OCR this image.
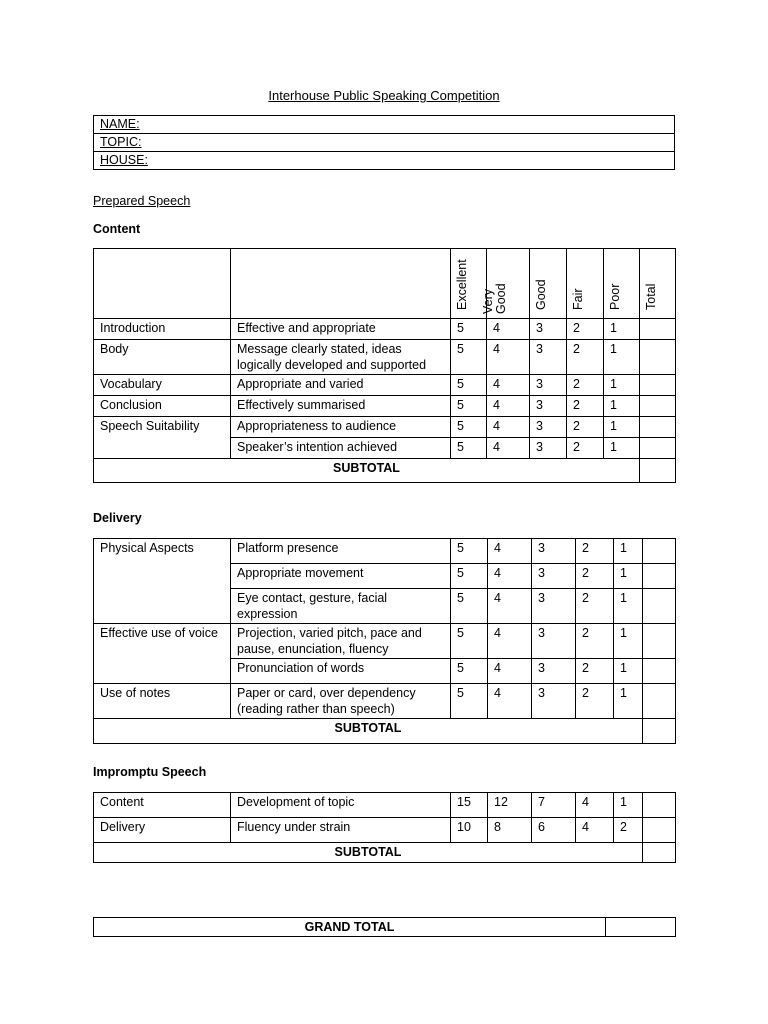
Interhouse Public Speaking Competition
NAME:
TOPIC:
HOUSE:
Prepared Speech
Content

		Excellent	Very Good	Good	Fair	Poor	Total

Introduction	Effective and appropriate	5	4	3	2	1	
Body	Message clearly stated, ideas logically developed and supported	5	4	3	2	1	
Vocabulary	Appropriate and varied	5	4	3	2	1	
Conclusion	Effectively summarised	5	4	3	2	1	
Speech Suitability	Appropriateness to audience	5	4	3	2	1	
	Speaker’s intention achieved	5	4	3	2	1	
SUBTOTAL							
Delivery
Physical Aspects	Platform presence	5	4	3	2	1	
	Appropriate movement	5	4	3	2	1	
	Eye contact, gesture, facial expression	5	4	3	2	1	
Effective use of voice	Projection, varied pitch, pace and pause, enunciation, fluency	5	4	3	2	1	
	Pronunciation of words	5	4	3	2	1	
Use of notes	Paper or card, over dependency (reading rather than speech)	5	4	3	2	1	
SUBTOTAL							
Impromptu Speech
Content	Development of topic	15	12	7	4	1	
Delivery	Fluency under strain	10	8	6	4	2	
SUBTOTAL							
GRAND TOTAL	
